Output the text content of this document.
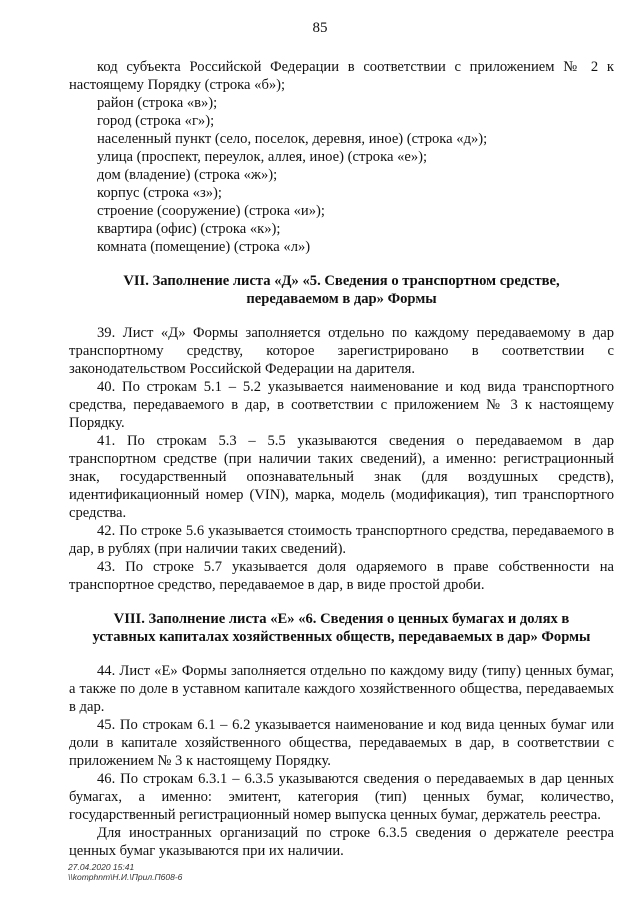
85

код субъекта Российской Федерации в соответствии с приложением № 2 к настоящему Порядку (строка «б»);

район (строка «в»);

город (строка «г»);

населенный пункт (село, поселок, деревня, иное) (строка «д»);

улица (проспект, переулок, аллея, иное) (строка «е»);

дом (владение) (строка «ж»);

корпус (строка «з»);

строение (сооружение) (строка «и»);

квартира (офис) (строка «к»);

комната (помещение) (строка «л»)

VII. Заполнение листа «Д» «5. Сведения о транспортном средстве,

передаваемом в дар» Формы

39. Лист «Д» Формы заполняется отдельно по каждому передаваемому в дар транспортному средству, которое зарегистрировано в соответствии с законодательством Российской Федерации на дарителя.

40. По строкам 5.1 – 5.2 указывается наименование и код вида транспортного средства, передаваемого в дар, в соответствии с приложением № 3 к настоящему Порядку.

41. По строкам 5.3 – 5.5 указываются сведения о передаваемом в дар транспортном средстве (при наличии таких сведений), а именно: регистрационный знак, государственный опознавательный знак (для воздушных средств), идентификационный номер (VIN), марка, модель (модификация), тип транспортного средства.

42. По строке 5.6 указывается стоимость транспортного средства, передаваемого в дар, в рублях (при наличии таких сведений).

43. По строке 5.7 указывается доля одаряемого в праве собственности на транспортное средство, передаваемое в дар, в виде простой дроби.

VIII. Заполнение листа «Е» «6. Сведения о ценных бумагах и долях в

уставных капиталах хозяйственных обществ, передаваемых в дар» Формы

44. Лист «Е» Формы заполняется отдельно по каждому виду (типу) ценных бумаг, а также по доле в уставном капитале каждого хозяйственного общества, передаваемых в дар.

45. По строкам 6.1 – 6.2 указывается наименование и код вида ценных бумаг или доли в капитале хозяйственного общества, передаваемых в дар, в соответствии с приложением № 3 к настоящему Порядку.

46. По строкам 6.3.1 – 6.3.5 указываются сведения о передаваемых в дар ценных бумагах, а именно: эмитент, категория (тип) ценных бумаг, количество, государственный регистрационный номер выпуска ценных бумаг, держатель реестра.

Для иностранных организаций по строке 6.3.5 сведения о держателе реестра ценных бумаг указываются при их наличии.

27.04.2020 15:41
\\komphnm\Н.И.\Прил.П608-6
